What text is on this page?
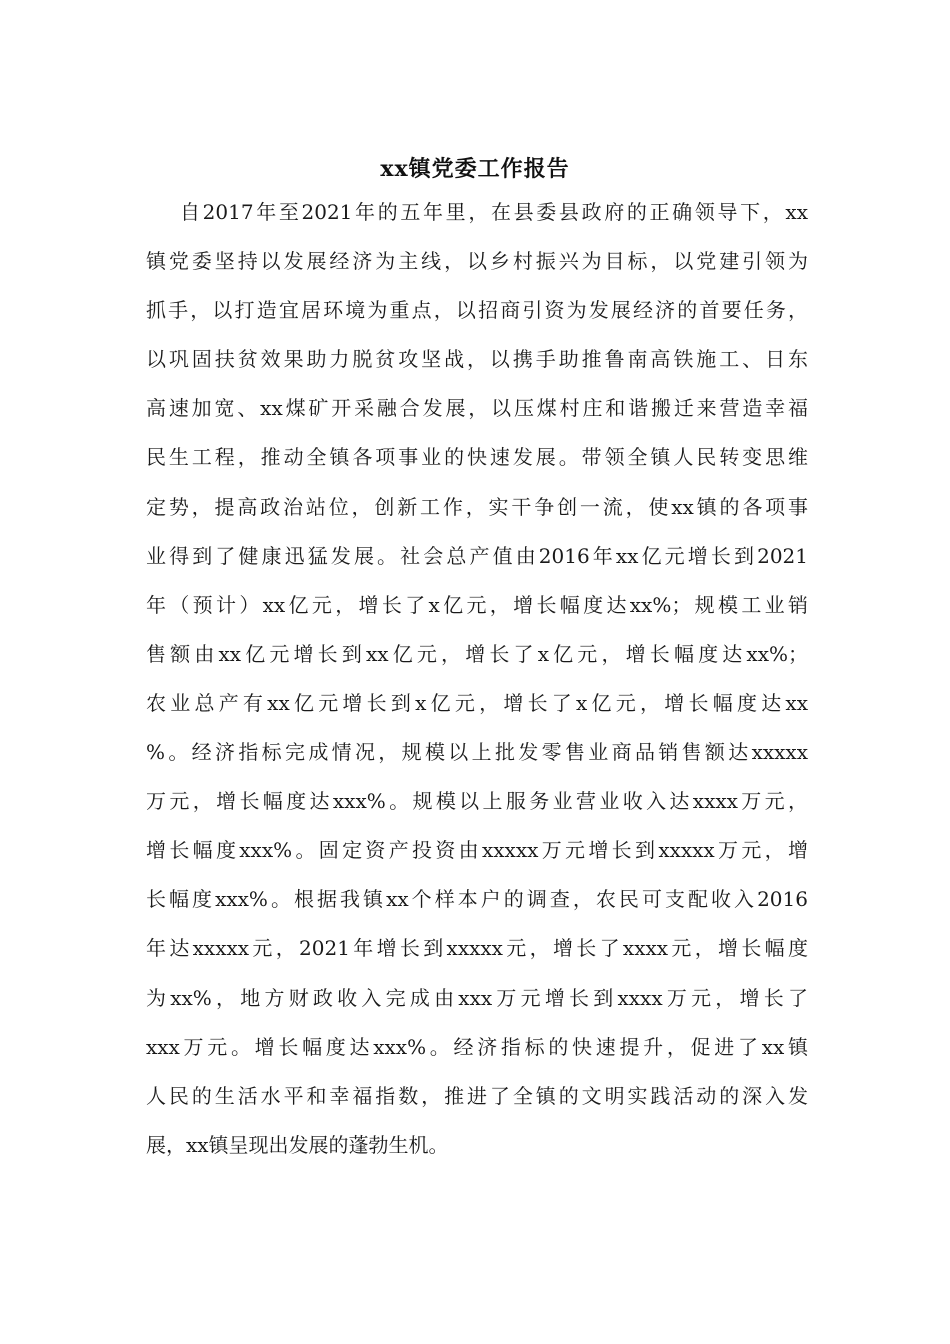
xx镇党委工作报告
自2017年至2021年的五年里，在县委县政府的正确领导下，xx
镇党委坚持以发展经济为主线，以乡村振兴为目标，以党建引领为
抓手，以打造宜居环境为重点，以招商引资为发展经济的首要任务，
以巩固扶贫效果助力脱贫攻坚战，以携手助推鲁南高铁施工、日东
高速加宽、xx煤矿开采融合发展，以压煤村庄和谐搬迁来营造幸福
民生工程，推动全镇各项事业的快速发展。带领全镇人民转变思维
定势，提高政治站位，创新工作，实干争创一流，使xx镇的各项事
业得到了健康迅猛发展。社会总产值由2016年xx亿元增长到2021
年（预计）xx亿元，增长了x亿元，增长幅度达xx%；规模工业销
售额由xx亿元增长到xx亿元，增长了x亿元，增长幅度达xx%；
农业总产有xx亿元增长到x亿元，增长了x亿元，增长幅度达xx
%。经济指标完成情况，规模以上批发零售业商品销售额达xxxxx
万元，增长幅度达xxx%。规模以上服务业营业收入达xxxx万元，
增长幅度xxx%。固定资产投资由xxxxx万元增长到xxxxx万元，增
长幅度xxx%。根据我镇xx个样本户的调查，农民可支配收入2016
年达xxxxx元，2021年增长到xxxxx元，增长了xxxx元，增长幅度
为xx%，地方财政收入完成由xxx万元增长到xxxx万元，增长了
xxx万元。增长幅度达xxx%。经济指标的快速提升，促进了xx镇
人民的生活水平和幸福指数，推进了全镇的文明实践活动的深入发
展，xx镇呈现出发展的蓬勃生机。
